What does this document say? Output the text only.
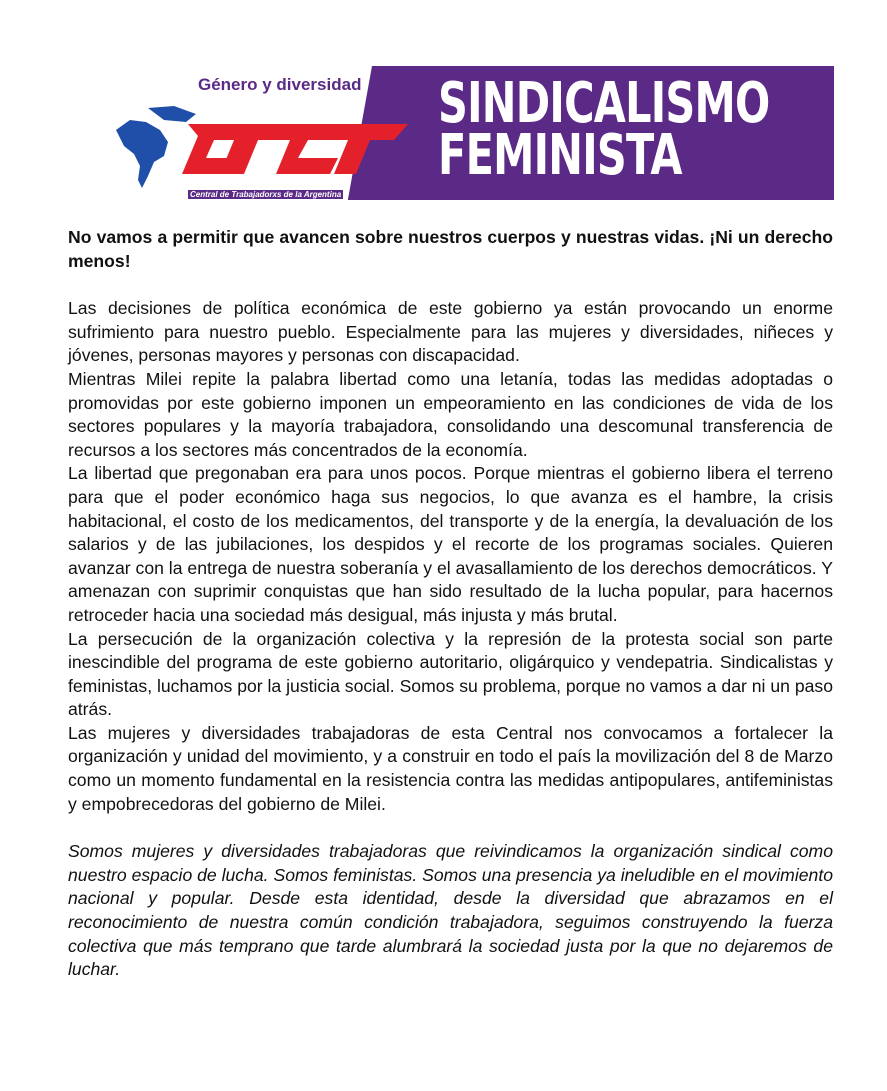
Género y diversidad
Central de Trabajadorxs de la Argentina
SINDICALISMO
FEMINISTA

No vamos a permitir que avancen sobre nuestros cuerpos y nuestras vidas. ¡Ni un derecho menos!

Las decisiones de política económica de este gobierno ya están provocando un enorme sufrimiento para nuestro pueblo. Especialmente para las mujeres y diversidades, niñeces y jóvenes, personas mayores y personas con discapacidad.

Mientras Milei repite la palabra libertad como una letanía, todas las medidas adoptadas o promovidas por este gobierno imponen un empeoramiento en las condiciones de vida de los sectores populares y la mayoría trabajadora, consolidando una descomunal transferencia de recursos a los sectores más concentrados de la economía.

La libertad que pregonaban era para unos pocos. Porque mientras el gobierno libera el terreno para que el poder económico haga sus negocios, lo que avanza es el hambre, la crisis habitacional, el costo de los medicamentos, del transporte y de la energía, la devaluación de los salarios y de las jubilaciones, los despidos y el recorte de los programas sociales. Quieren avanzar con la entrega de nuestra soberanía y el avasallamiento de los derechos democráticos. Y amenazan con suprimir conquistas que han sido resultado de la lucha popular, para hacernos retroceder hacia una sociedad más desigual, más injusta y más brutal.

La persecución de la organización colectiva y la represión de la protesta social son parte inescindible del programa de este gobierno autoritario, oligárquico y vendepatria. Sindicalistas y feministas, luchamos por la justicia social. Somos su problema, porque no vamos a dar ni un paso atrás.

Las mujeres y diversidades trabajadoras de esta Central nos convocamos a fortalecer la organización y unidad del movimiento, y a construir en todo el país la movilización del 8 de Marzo como un momento fundamental en la resistencia contra las medidas antipopulares, antifeministas y empobrecedoras del gobierno de Milei.

Somos mujeres y diversidades trabajadoras que reivindicamos la organización sindical como nuestro espacio de lucha. Somos feministas. Somos una presencia ya ineludible en el movimiento nacional y popular. Desde esta identidad, desde la diversidad que abrazamos en el reconocimiento de nuestra común condición trabajadora, seguimos construyendo la fuerza colectiva que más temprano que tarde alumbrará la sociedad justa por la que no dejaremos de luchar.
